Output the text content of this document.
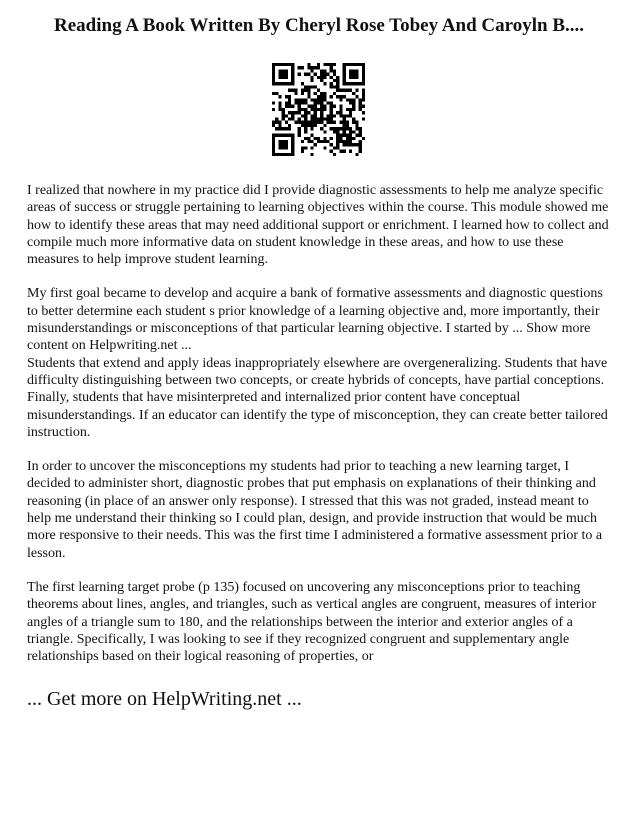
Reading A Book Written By Cheryl Rose Tobey And Caroyln B....

I realized that nowhere in my practice did I provide diagnostic assessments to help me analyze specific areas of success or struggle pertaining to learning objectives within the course. This module showed me how to identify these areas that may need additional support or enrichment. I learned how to collect and compile much more informative data on student knowledge in these areas, and how to use these measures to help improve student learning.

My first goal became to develop and acquire a bank of formative assessments and diagnostic questions to better determine each student s prior knowledge of a learning objective and, more importantly, their misunderstandings or misconceptions of that particular learning objective. I started by ... Show more content on Helpwriting.net ...

Students that extend and apply ideas inappropriately elsewhere are overgeneralizing. Students that have difficulty distinguishing between two concepts, or create hybrids of concepts, have partial conceptions. Finally, students that have misinterpreted and internalized prior content have conceptual misunderstandings. If an educator can identify the type of misconception, they can create better tailored instruction.

In order to uncover the misconceptions my students had prior to teaching a new learning target, I decided to administer short, diagnostic probes that put emphasis on explanations of their thinking and reasoning (in place of an answer only response). I stressed that this was not graded, instead meant to help me understand their thinking so I could plan, design, and provide instruction that would be much more responsive to their needs. This was the first time I administered a formative assessment prior to a lesson.

The first learning target probe (p 135) focused on uncovering any misconceptions prior to teaching theorems about lines, angles, and triangles, such as vertical angles are congruent, measures of interior angles of a triangle sum to 180, and the relationships between the interior and exterior angles of a triangle. Specifically, I was looking to see if they recognized congruent and supplementary angle relationships based on their logical reasoning of properties, or

... Get more on HelpWriting.net ...
